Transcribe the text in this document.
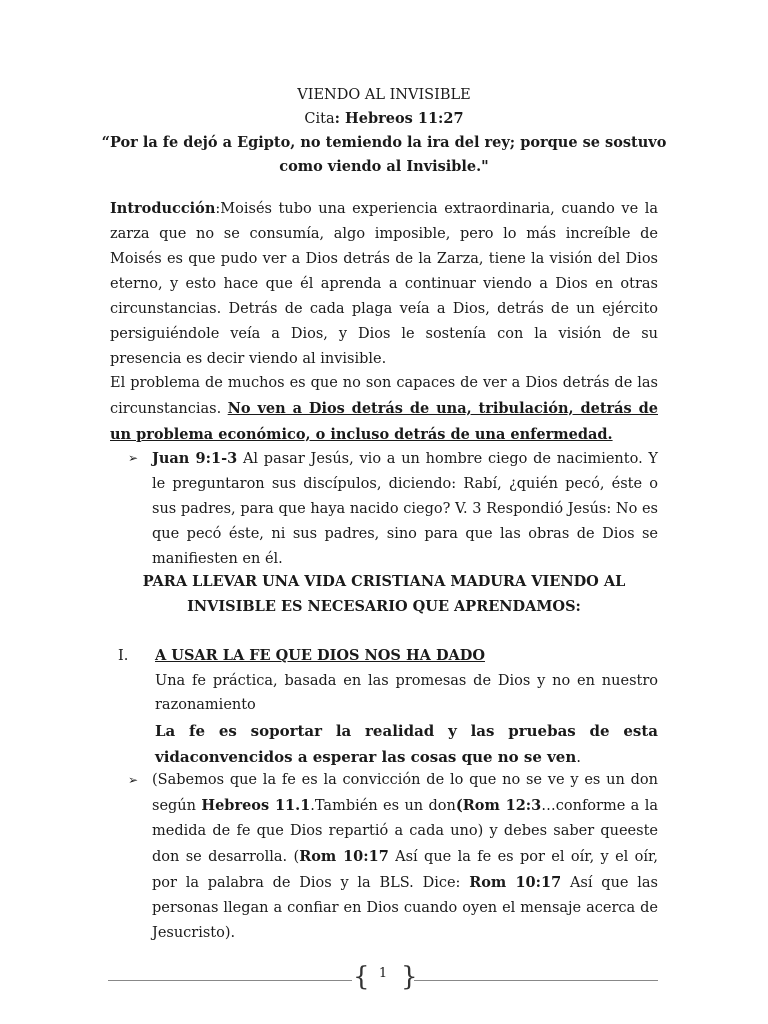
VIENDO AL INVISIBLE
Cita: Hebreos 11:27
“Por la fe dejó a Egipto, no temiendo la ira del rey; porque se sostuvo
como viendo al Invisible."
Introducción:Moisés tubo una experiencia extraordinaria, cuando ve la zarza que no se consumía, algo imposible, pero lo más increíble de Moisés es que pudo ver a Dios detrás de la Zarza, tiene la visión del Dios eterno, y esto hace que él aprenda a continuar viendo a Dios en otras circunstancias. Detrás de cada plaga veía a Dios, detrás de un ejército persiguiéndole veía a Dios, y Dios le sostenía con la visión de su presencia es decir viendo al invisible.
El problema de muchos es que no son capaces de ver a Dios detrás de las circunstancias. No ven a Dios detrás de una, tribulación, detrás de un problema económico, o incluso detrás de una enfermedad.
➢ Juan 9:1-3 Al pasar Jesús, vio a un hombre ciego de nacimiento. Y le preguntaron sus discípulos, diciendo: Rabí, ¿quién pecó, éste o sus padres, para que haya nacido ciego? V. 3 Respondió Jesús: No es que pecó éste, ni sus padres, sino para que las obras de Dios se manifiesten en él.
PARA LLEVAR UNA VIDA CRISTIANA MADURA VIENDO AL
INVISIBLE ES NECESARIO QUE APRENDAMOS:
I. A USAR LA FE QUE DIOS NOS HA DADO
Una fe práctica, basada en las promesas de Dios y no en nuestro razonamiento
La fe es soportar la realidad y las pruebas de esta vidaconvencidos a esperar las cosas que no se ven.
➢ (Sabemos que la fe es la convicción de lo que no se ve y es un don según Hebreos 11.1.También es un don(Rom 12:3…conforme a la medida de fe que Dios repartió a cada uno) y debes saber queeste don se desarrolla. (Rom 10:17 Así que la fe es por el oír, y el oír, por la palabra de Dios y la BLS. Dice: Rom 10:17 Así que las personas llegan a confiar en Dios cuando oyen el mensaje acerca de Jesucristo).
{ }
1
